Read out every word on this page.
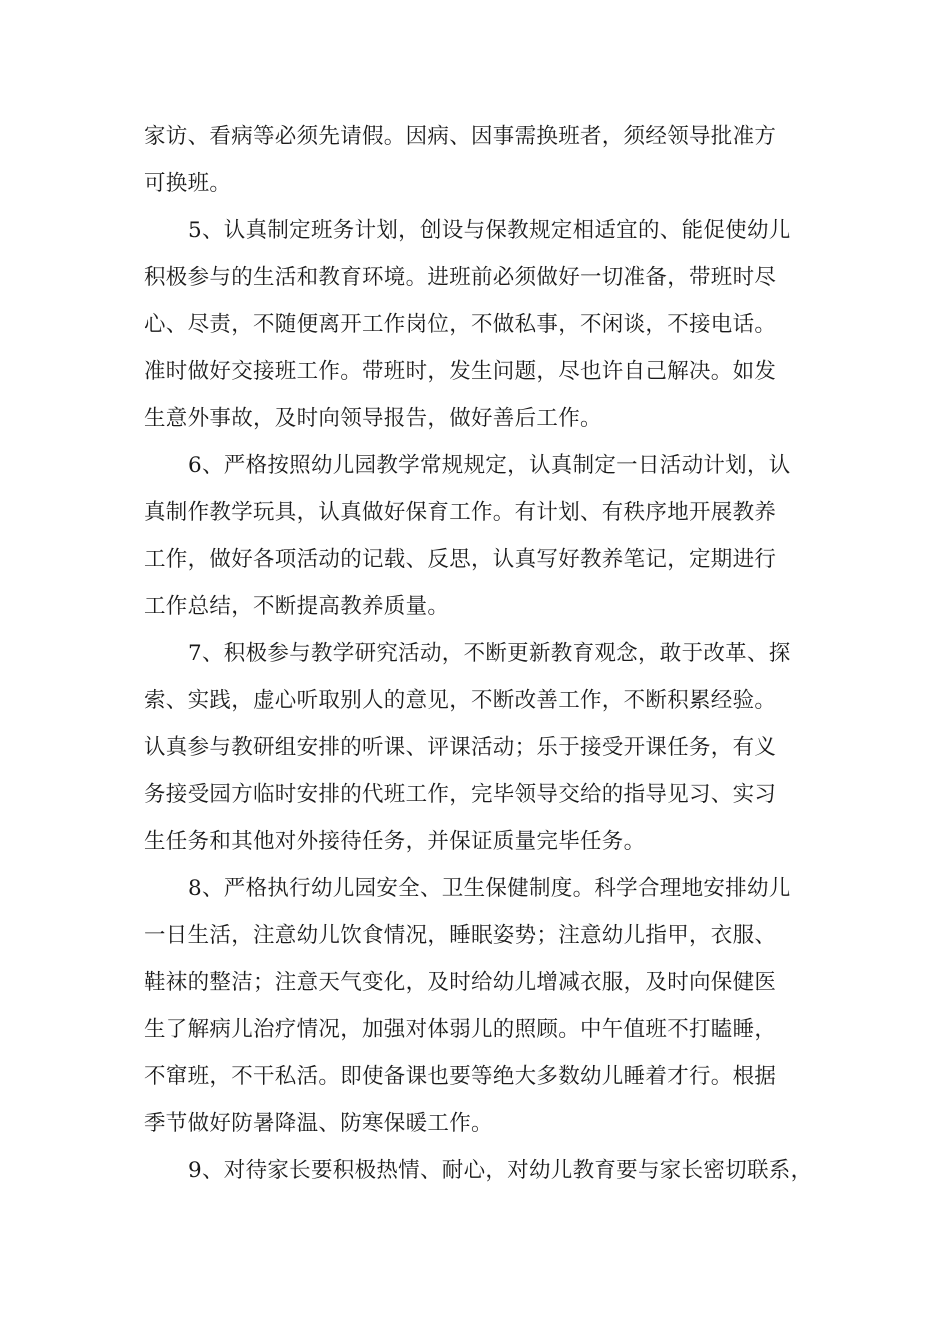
家访、看病等必须先请假。因病、因事需换班者，须经领导批准方
可换班。
5、认真制定班务计划，创设与保教规定相适宜的、能促使幼儿
积极参与的生活和教育环境。进班前必须做好一切准备，带班时尽
心、尽责，不随便离开工作岗位，不做私事，不闲谈，不接电话。
准时做好交接班工作。带班时，发生问题，尽也许自己解决。如发
生意外事故，及时向领导报告，做好善后工作。
6、严格按照幼儿园教学常规规定，认真制定一日活动计划，认
真制作教学玩具，认真做好保育工作。有计划、有秩序地开展教养
工作，做好各项活动的记载、反思，认真写好教养笔记，定期进行
工作总结，不断提高教养质量。
7、积极参与教学研究活动，不断更新教育观念，敢于改革、探
索、实践，虚心听取别人的意见，不断改善工作，不断积累经验。
认真参与教研组安排的听课、评课活动；乐于接受开课任务，有义
务接受园方临时安排的代班工作，完毕领导交给的指导见习、实习
生任务和其他对外接待任务，并保证质量完毕任务。
8、严格执行幼儿园安全、卫生保健制度。科学合理地安排幼儿
一日生活，注意幼儿饮食情况，睡眠姿势；注意幼儿指甲，衣服、
鞋袜的整洁；注意天气变化，及时给幼儿增减衣服，及时向保健医
生了解病儿治疗情况，加强对体弱儿的照顾。中午值班不打瞌睡，
不窜班，不干私活。即使备课也要等绝大多数幼儿睡着才行。根据
季节做好防暑降温、防寒保暖工作。
9、对待家长要积极热情、耐心，对幼儿教育要与家长密切联系，
